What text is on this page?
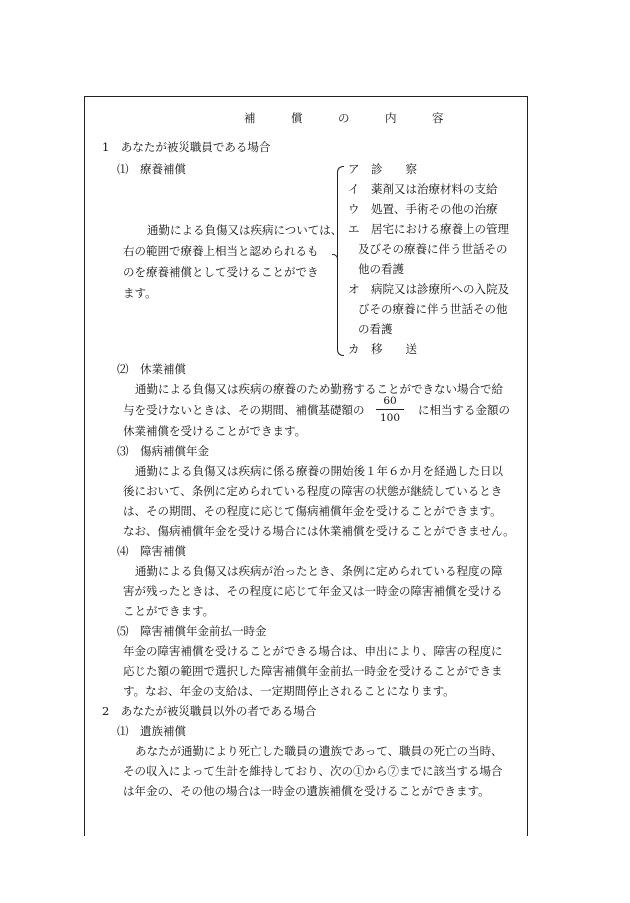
補　償　の　内　容
1　あなたが被災職員である場合
⑴　療養補償
通勤による負傷又は疾病については、
右の範囲で療養上相当と認められるも
のを療養補償として受けることができ
ます。
ア　診　　察
イ　薬剤又は治療材料の支給
ウ　処置、手術その他の治療
エ　居宅における療養上の管理
及びその療養に伴う世話その
他の看護
オ　病院又は診療所への入院及
びその療養に伴う世話その他
の看護
カ　移　　送
⑵　休業補償
通勤による負傷又は疾病の療養のため勤務することができない場合で給
与を受けないときは、その期間、補償基礎額の
60
100
に相当する金額の
休業補償を受けることができます。
⑶　傷病補償年金
通勤による負傷又は疾病に係る療養の開始後１年６か月を経過した日以
後において、条例に定められている程度の障害の状態が継続しているとき
は、その期間、その程度に応じて傷病補償年金を受けることができます。
なお、傷病補償年金を受ける場合には休業補償を受けることができません。
⑷　障害補償
通勤による負傷又は疾病が治ったとき、条例に定められている程度の障
害が残ったときは、その程度に応じて年金又は一時金の障害補償を受ける
ことができます。
⑸　障害補償年金前払一時金
年金の障害補償を受けることができる場合は、申出により、障害の程度に
応じた額の範囲で選択した障害補償年金前払一時金を受けることができま
す。なお、年金の支給は、一定期間停止されることになります。
2　あなたが被災職員以外の者である場合
⑴　遺族補償
あなたが通勤により死亡した職員の遺族であって、職員の死亡の当時、
その収入によって生計を維持しており、次の①から⑦までに該当する場合
は年金の、その他の場合は一時金の遺族補償を受けることができます。
